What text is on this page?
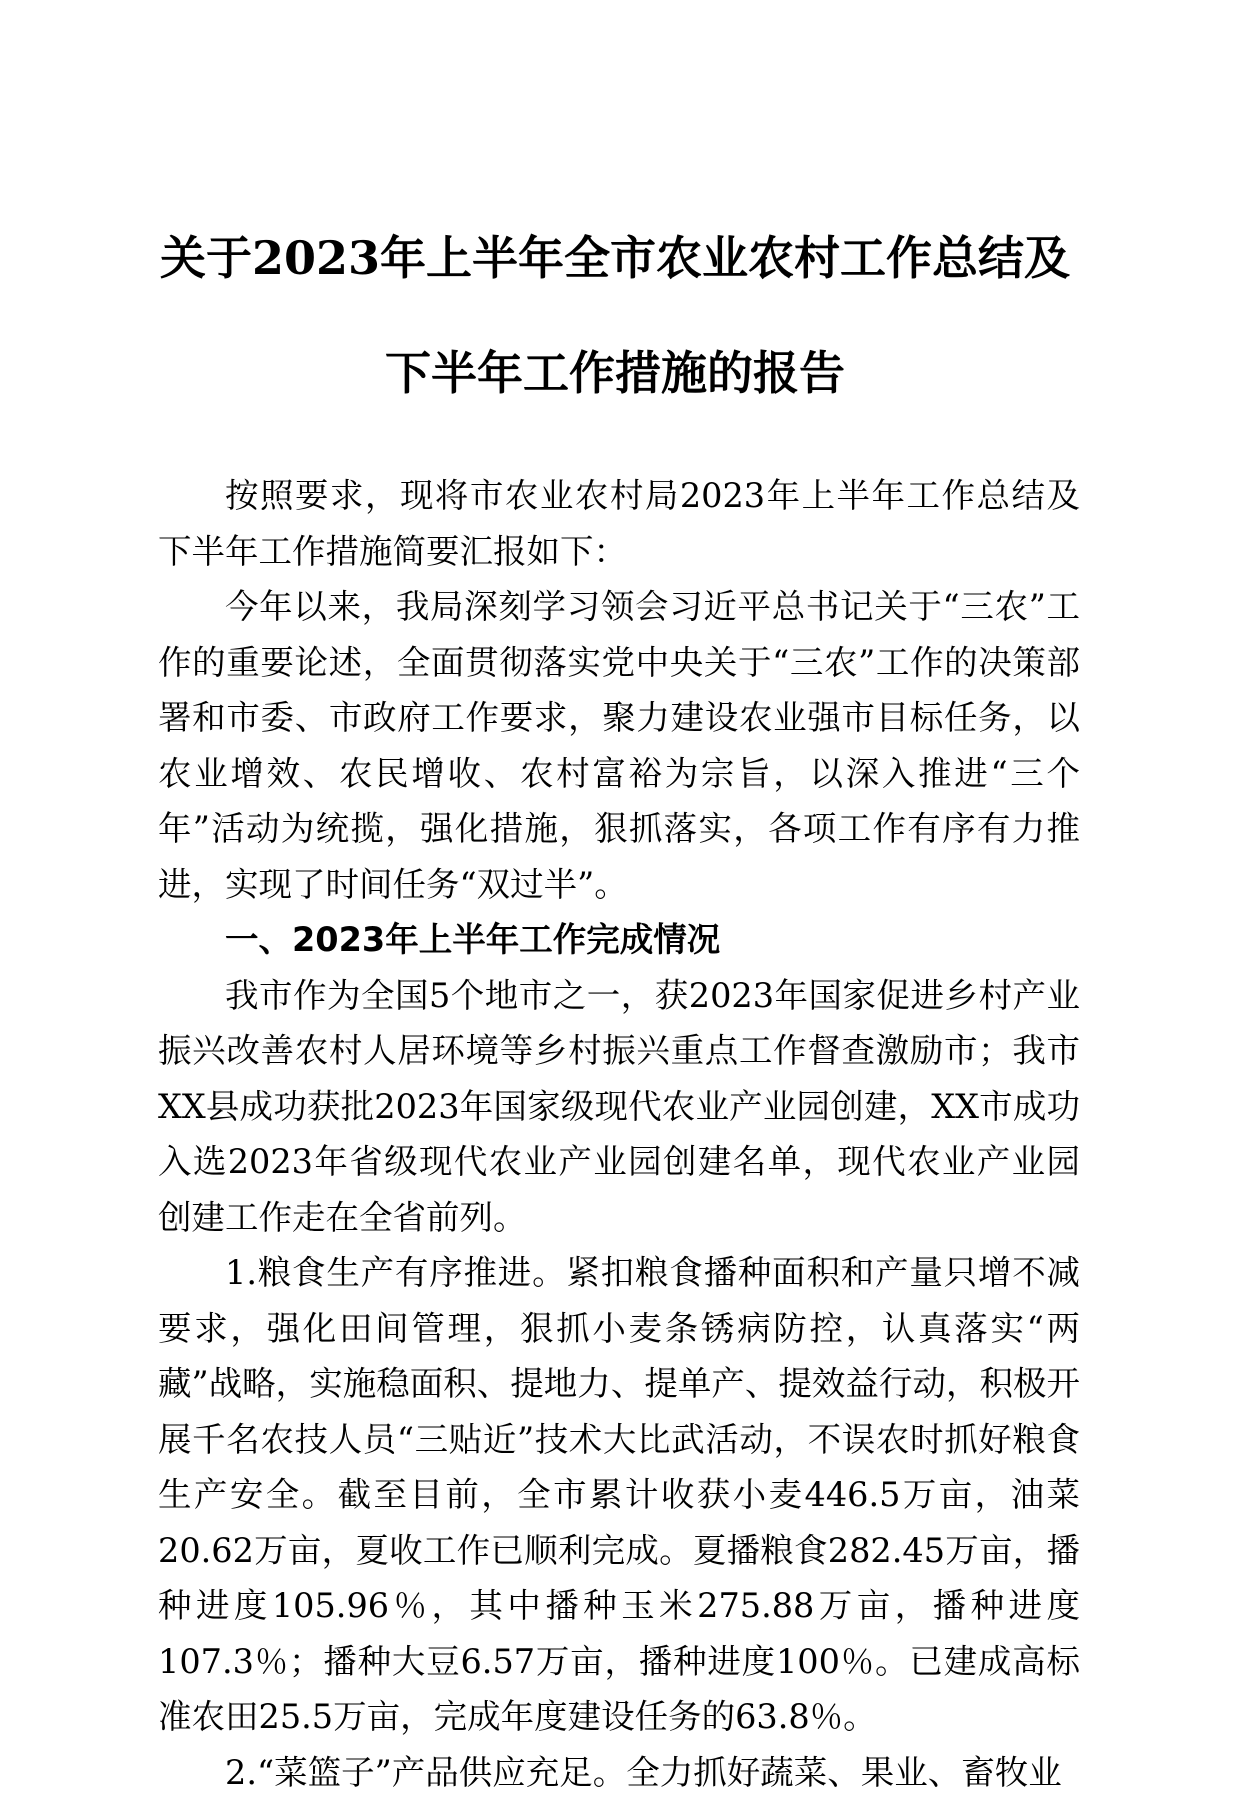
关于2023年上半年全市农业农村工作总结及
下半年工作措施的报告

按照要求，现将市农业农村局2023年上半年工作总结及下半年工作措施简要汇报如下：

今年以来，我局深刻学习领会习近平总书记关于“三农”工作的重要论述，全面贯彻落实党中央关于“三农”工作的决策部署和市委、市政府工作要求，聚力建设农业强市目标任务，以农业增效、农民增收、农村富裕为宗旨，以深入推进“三个年”活动为统揽，强化措施，狠抓落实，各项工作有序有力推进，实现了时间任务“双过半”。

一、2023年上半年工作完成情况

我市作为全国5个地市之一，获2023年国家促进乡村产业振兴改善农村人居环境等乡村振兴重点工作督查激励市；我市XX县成功获批2023年国家级现代农业产业园创建，XX市成功入选2023年省级现代农业产业园创建名单，现代农业产业园创建工作走在全省前列。

1.粮食生产有序推进。紧扣粮食播种面积和产量只增不减要求，强化田间管理，狠抓小麦条锈病防控，认真落实“两藏”战略，实施稳面积、提地力、提单产、提效益行动，积极开展千名农技人员“三贴近”技术大比武活动，不误农时抓好粮食生产安全。截至目前，全市累计收获小麦446.5万亩，油菜20.62万亩，夏收工作已顺利完成。夏播粮食282.45万亩，播种进度105.96％，其中播种玉米275.88万亩，播种进度107.3％；播种大豆6.57万亩，播种进度100％。已建成高标准农田25.5万亩，完成年度建设任务的63.8％。

2.“菜篮子”产品供应充足。全力抓好蔬菜、果业、畜牧业
